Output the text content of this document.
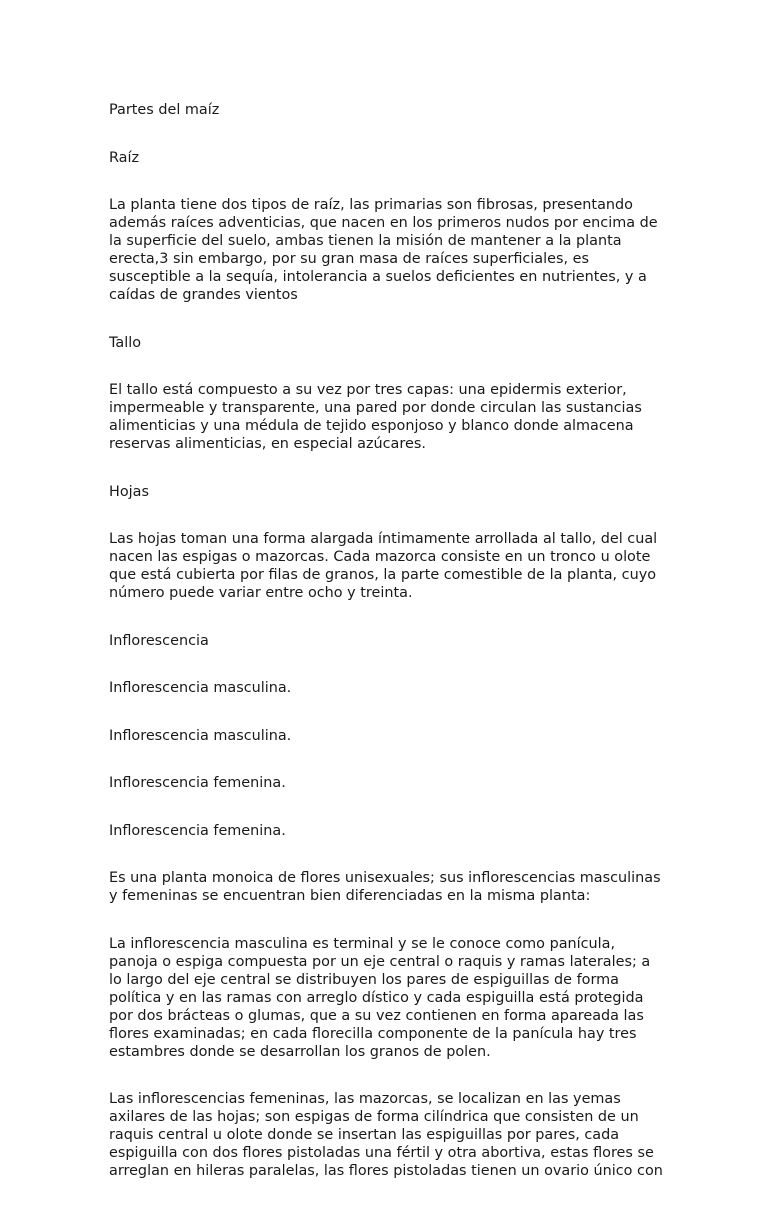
Partes del maíz

Raíz

La planta tiene dos tipos de raíz, las primarias son fibrosas, presentando
además raíces adventicias, que nacen en los primeros nudos por encima de
la superficie del suelo, ambas tienen la misión de mantener a la planta
erecta,3 sin embargo, por su gran masa de raíces superficiales, es
susceptible a la sequía, intolerancia a suelos deficientes en nutrientes, y a
caídas de grandes vientos

Tallo

El tallo está compuesto a su vez por tres capas: una epidermis exterior,
impermeable y transparente, una pared por donde circulan las sustancias
alimenticias y una médula de tejido esponjoso y blanco donde almacena
reservas alimenticias, en especial azúcares.

Hojas

Las hojas toman una forma alargada íntimamente arrollada al tallo, del cual
nacen las espigas o mazorcas. Cada mazorca consiste en un tronco u olote
que está cubierta por filas de granos, la parte comestible de la planta, cuyo
número puede variar entre ocho y treinta.

Inflorescencia

Inflorescencia masculina.

Inflorescencia masculina.

Inflorescencia femenina.

Inflorescencia femenina.

Es una planta monoica de flores unisexuales; sus inflorescencias masculinas
y femeninas se encuentran bien diferenciadas en la misma planta:

La inflorescencia masculina es terminal y se le conoce como panícula,
panoja o espiga compuesta por un eje central o raquis y ramas laterales; a
lo largo del eje central se distribuyen los pares de espiguillas de forma
política y en las ramas con arreglo dístico y cada espiguilla está protegida
por dos brácteas o glumas, que a su vez contienen en forma apareada las
flores examinadas; en cada florecilla componente de la panícula hay tres
estambres donde se desarrollan los granos de polen.

Las inflorescencias femeninas, las mazorcas, se localizan en las yemas
axilares de las hojas; son espigas de forma cilíndrica que consisten de un
raquis central u olote donde se insertan las espiguillas por pares, cada
espiguilla con dos flores pistoladas una fértil y otra abortiva, estas flores se
arreglan en hileras paralelas, las flores pistoladas tienen un ovario único con
